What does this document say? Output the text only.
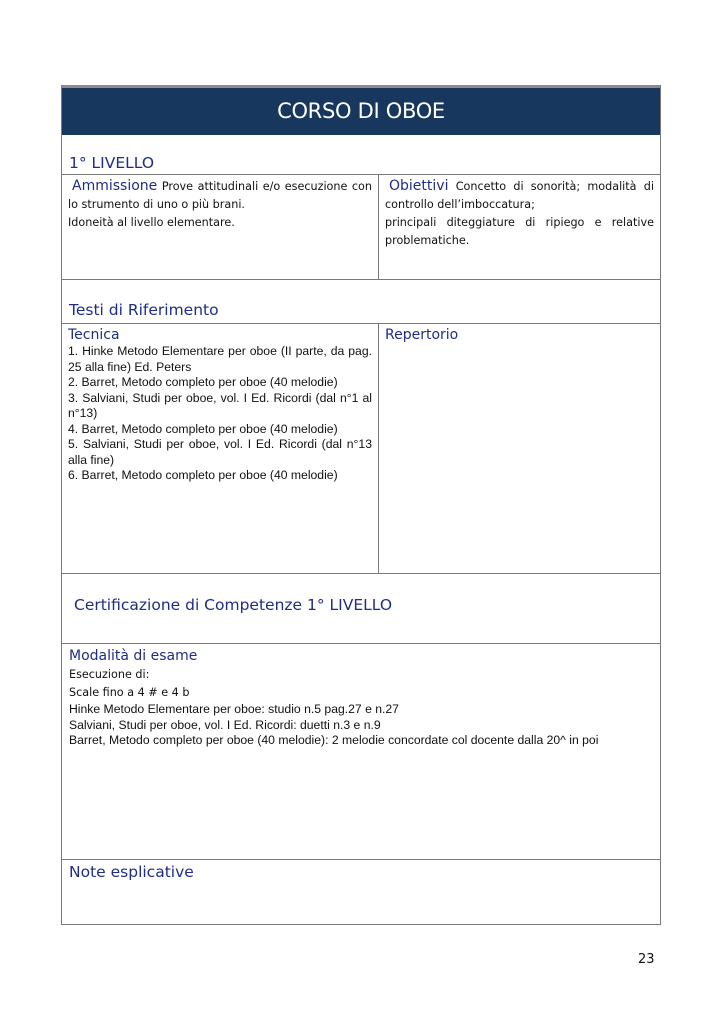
CORSO DI OBOE
1° LIVELLO
Ammissione Prove attitudinali e/o esecuzione con lo strumento di uno o più brani.
Idoneità al livello elementare.
Obiettivi Concetto di sonorità; modalità di controllo dell’imboccatura;
principali diteggiature di ripiego e relative problematiche.
Testi di Riferimento
Tecnica
1. Hinke Metodo Elementare per oboe (II parte, da pag. 25 alla fine) Ed. Peters
2. Barret, Metodo completo per oboe (40 melodie)
3. Salviani, Studi per oboe, vol. I Ed. Ricordi (dal n°1 al n°13)
4. Barret, Metodo completo per oboe (40 melodie)
5. Salviani, Studi per oboe, vol. I Ed. Ricordi (dal n°13 alla fine)
6. Barret, Metodo completo per oboe (40 melodie)
Repertorio
Certificazione di Competenze 1° LIVELLO
Modalità di esame
Esecuzione di:
Scale fino a 4 # e 4 b
Hinke Metodo Elementare per oboe: studio n.5 pag.27 e n.27
Salviani, Studi per oboe, vol. I Ed. Ricordi: duetti n.3 e n.9
Barret, Metodo completo per oboe (40 melodie): 2 melodie concordate col docente dalla 20^ in poi
Note esplicative
23
